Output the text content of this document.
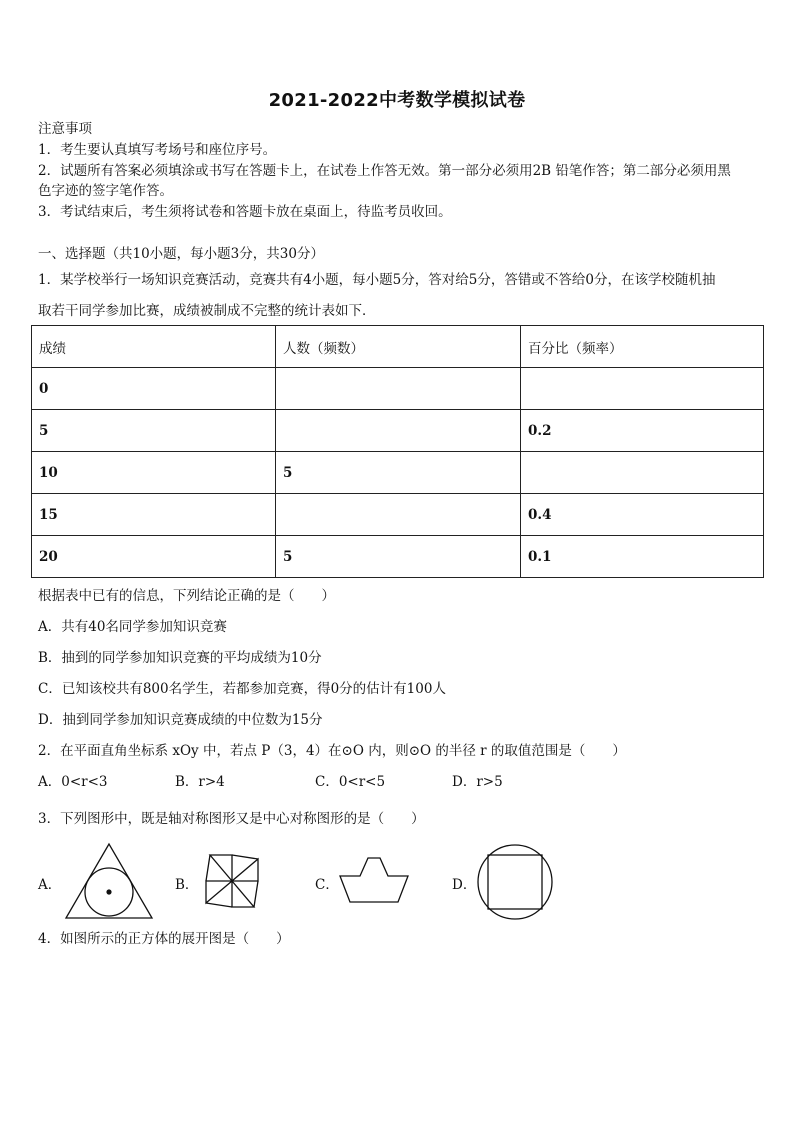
2021-2022中考数学模拟试卷
注意事项
1．考生要认真填写考场号和座位序号。
2．试题所有答案必须填涂或书写在答题卡上，在试卷上作答无效。第一部分必须用2B 铅笔作答；第二部分必须用黑
色字迹的签字笔作答。
3．考试结束后，考生须将试卷和答题卡放在桌面上，待监考员收回。
一、选择题（共10小题，每小题3分，共30分）
1．某学校举行一场知识竞赛活动，竞赛共有4小题，每小题5分，答对给5分，答错或不答给0分，在该学校随机抽
取若干同学参加比赛，成绩被制成不完整的统计表如下．
成绩	人数（频数）	百分比（频率）
0		
5		0.2
10	5	
15		0.4
20	5	0.1
根据表中已有的信息，下列结论正确的是（　　）
A．共有40名同学参加知识竞赛
B．抽到的同学参加知识竞赛的平均成绩为10分
C．已知该校共有800名学生，若都参加竞赛，得0分的估计有100人
D．抽到同学参加知识竞赛成绩的中位数为15分
2．在平面直角坐标系 xOy 中，若点 P（3，4）在⊙O 内，则⊙O 的半径 r 的取值范围是（　　）
A．0<r<3	B．r>4	C．0<r<5	D．r>5
3．下列图形中，既是轴对称图形又是中心对称图形的是（　　）
A．	B．	C．	D．
4．如图所示的正方体的展开图是（　　）
